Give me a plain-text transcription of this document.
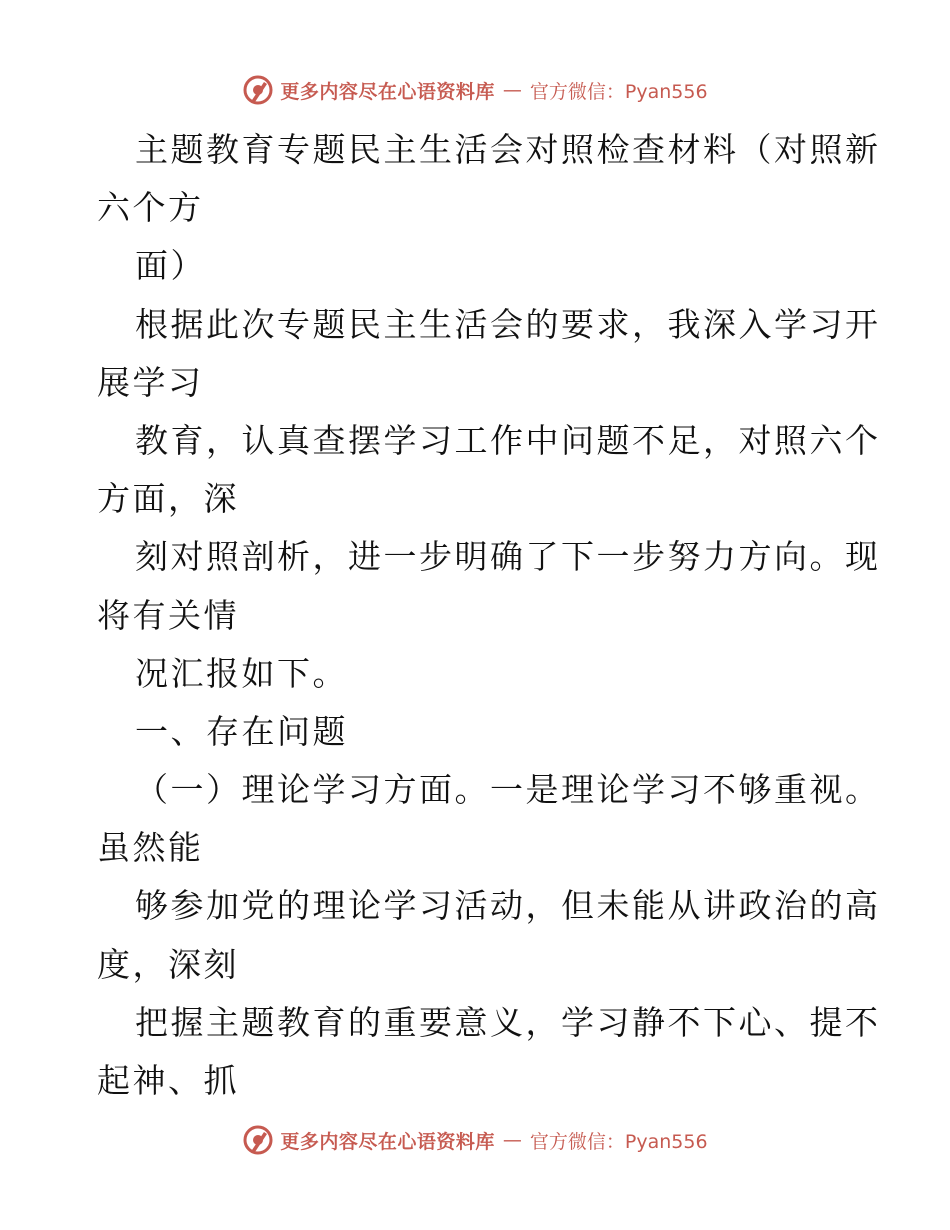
更多内容尽在心语资料库 — 官方微信：Pyan556
主题教育专题民主生活会对照检查材料（对照新
六个方
面）
根据此次专题民主生活会的要求，我深入学习开
展学习
教育，认真查摆学习工作中问题不足，对照六个
方面，深
刻对照剖析，进一步明确了下一步努力方向。现
将有关情
况汇报如下。
一、存在问题
（一）理论学习方面。一是理论学习不够重视。
虽然能
够参加党的理论学习活动，但未能从讲政治的高
度，深刻
把握主题教育的重要意义，学习静不下心、提不
起神、抓
更多内容尽在心语资料库 — 官方微信：Pyan556
